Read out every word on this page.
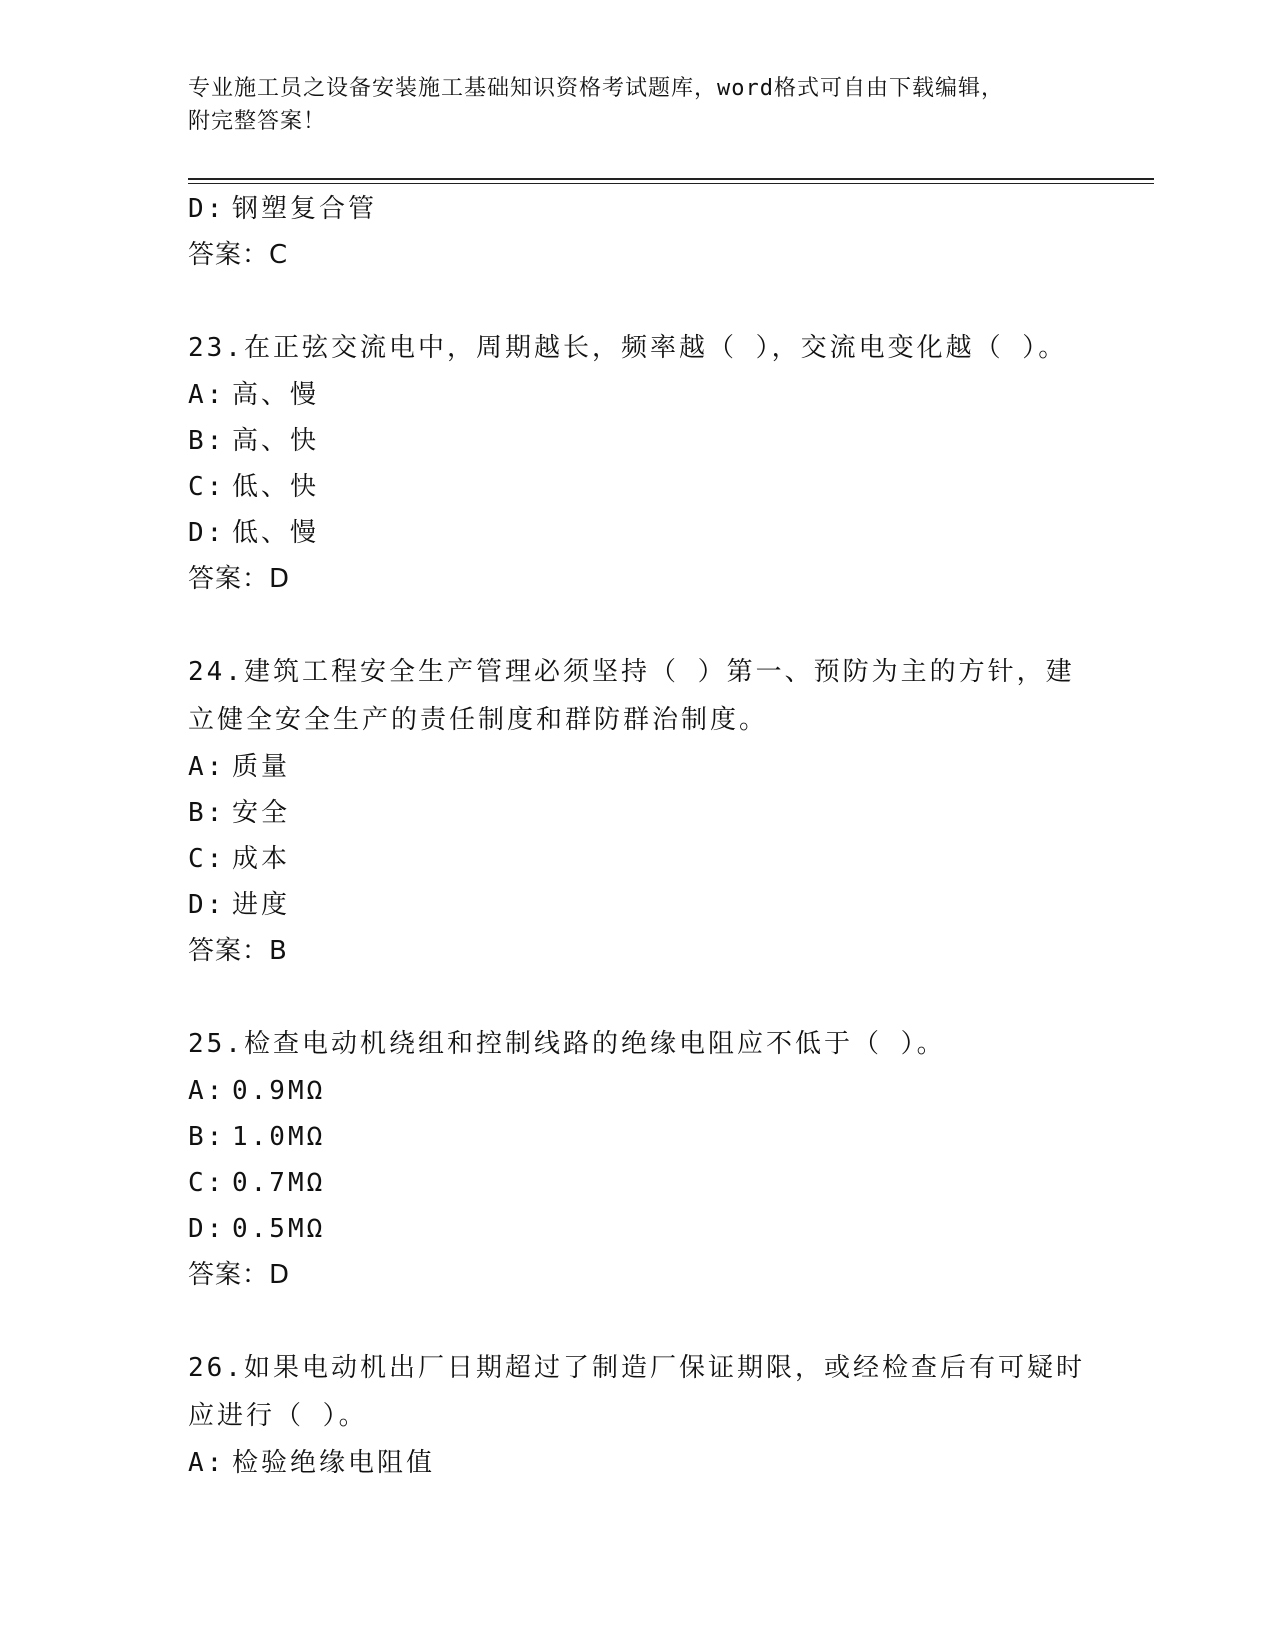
专业施工员之设备安装施工基础知识资格考试题库，word格式可自由下载编辑，
附完整答案！
D: 钢塑复合管
答案：C
23.在正弦交流电中，周期越长，频率越（ ），交流电变化越（ ）。
A: 高、慢
B: 高、快
C: 低、快
D: 低、慢
答案：D
24.建筑工程安全生产管理必须坚持（ ）第一、预防为主的方针，建
立健全安全生产的责任制度和群防群治制度。
A: 质量
B: 安全
C: 成本
D: 进度
答案：B
25.检查电动机绕组和控制线路的绝缘电阻应不低于（ ）。
A: 0.9MΩ
B: 1.0MΩ
C: 0.7MΩ
D: 0.5MΩ
答案：D
26.如果电动机出厂日期超过了制造厂保证期限，或经检查后有可疑时
应进行（ ）。
A: 检验绝缘电阻值
